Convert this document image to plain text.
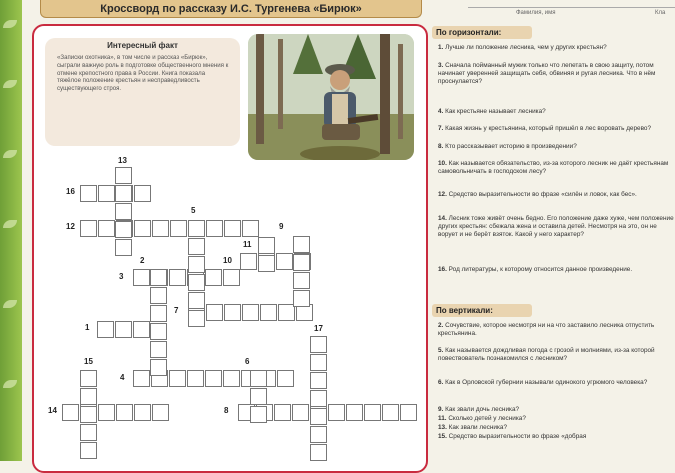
Кроссворд по рассказу И.С. Тургенева «Бирюк»
Интересный факт

«Записки охотника», в том числе и рассказ «Бирюк», сыграли важную роль в подготовке общественного мнения к отмене крепостного права в России. Книга показала тяжёлое положение крестьян и несправедливость существующего строя.

13
16
12
5
9
11
10
2
3
7
1	17
15	6
4
14	8
Фамилия, имя	Кла
По горизонтали:
1. Лучше ли положение лесника, чем у других крестьян?
3. Сначала пойманный мужик только что лепетать в свою защиту, потом начинает уверенней защищать себя, обвиняя и ругая лесника. Что в нём проснулается?
4. Как крестьяне называет лесника?
7. Какая жизнь у крестьянина, который пришёл в лес воровать дерево?
8. Кто рассказывает историю в произведении?
10. Как называется обязательство, из-за которого лесник не даёт крестьянам самовольничать в господском лесу?
12. Средство выразительности во фразе «силён и ловок, как бес».
14. Лесник тоже живёт очень бедно. Его положение даже хуже, чем положение других крестьян: сбежала жена и оставила детей. Несмотря на это, он не ворует и не берёт взяток. Какой у него характер?
16. Род литературы, к которому относится данное произведение.
По вертикали:
2. Сочувствие, которое несмотря ни на что заставило лесника отпустить крестьянина.
5. Как называется дождливая погода с грозой и молниями, из-за которой повествователь познакомился с лесником?
6. Как в Орловской губернии называли одинокого угрюмого человека?
9. Как звали дочь лесника?
11. Сколько детей у лесника?
13. Как звали лесника?
15. Средство выразительности во фразе «добрая
